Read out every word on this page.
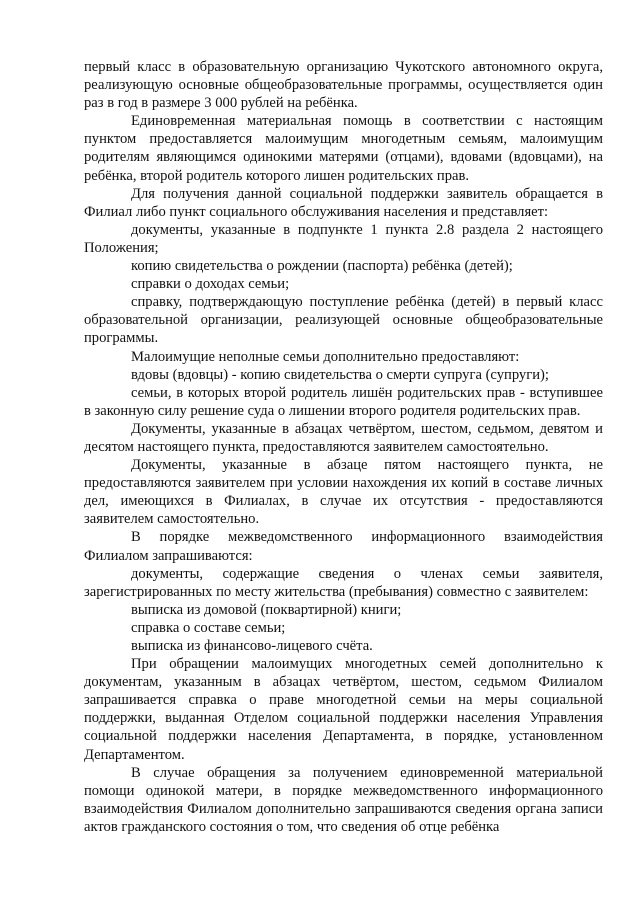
первый класс в образовательную организацию Чукотского автономного округа, реализующую основные общеобразовательные программы, осуществляется один раз в год в размере 3 000 рублей на ребёнка.

Единовременная материальная помощь в соответствии с настоящим пунктом предоставляется малоимущим многодетным семьям, малоимущим родителям являющимся одинокими матерями (отцами), вдовами (вдовцами), на ребёнка, второй родитель которого лишен родительских прав.

Для получения данной социальной поддержки заявитель обращается в Филиал либо пункт социального обслуживания населения и представляет:

документы, указанные в подпункте 1 пункта 2.8 раздела 2 настоящего Положения;

копию свидетельства о рождении (паспорта) ребёнка (детей);

справки о доходах семьи;

справку, подтверждающую поступление ребёнка (детей) в первый класс образовательной организации, реализующей основные общеобразовательные программы.

Малоимущие неполные семьи дополнительно предоставляют:

вдовы (вдовцы) - копию свидетельства о смерти супруга (супруги);

семьи, в которых второй родитель лишён родительских прав - вступившее в законную силу решение суда о лишении второго родителя родительских прав.

Документы, указанные в абзацах четвёртом, шестом, седьмом, девятом и десятом настоящего пункта, предоставляются заявителем самостоятельно.

Документы, указанные в абзаце пятом настоящего пункта, не предоставляются заявителем при условии нахождения их копий в составе личных дел, имеющихся в Филиалах, в случае их отсутствия - предоставляются заявителем самостоятельно.

В порядке межведомственного информационного взаимодействия Филиалом запрашиваются:

документы, содержащие сведения о членах семьи заявителя, зарегистрированных по месту жительства (пребывания) совместно с заявителем:

выписка из домовой (поквартирной) книги;

справка о составе семьи;

выписка из финансово-лицевого счёта.

При обращении малоимущих многодетных семей дополнительно к документам, указанным в абзацах четвёртом, шестом, седьмом Филиалом запрашивается справка о праве многодетной семьи на меры социальной поддержки, выданная Отделом социальной поддержки населения Управления социальной поддержки населения Департамента, в порядке, установленном Департаментом.

В случае обращения за получением единовременной материальной помощи одинокой матери, в порядке межведомственного информационного взаимодействия Филиалом дополнительно запрашиваются сведения органа записи актов гражданского состояния о том, что сведения об отце ребёнка
